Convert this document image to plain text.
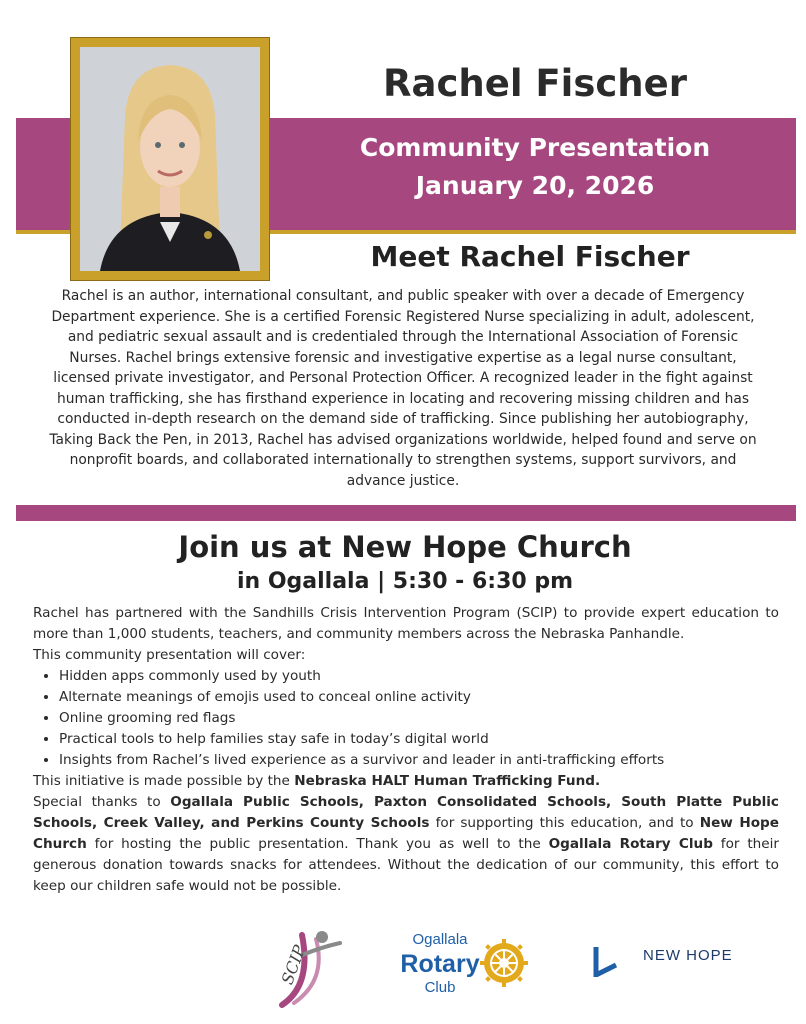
Rachel Fischer
Community Presentation
January 20, 2026
Meet Rachel Fischer
Rachel is an author, international consultant, and public speaker with over a decade of Emergency Department experience. She is a certified Forensic Registered Nurse specializing in adult, adolescent, and pediatric sexual assault and is credentialed through the International Association of Forensic Nurses. Rachel brings extensive forensic and investigative expertise as a legal nurse consultant, licensed private investigator, and Personal Protection Officer. A recognized leader in the fight against human trafficking, she has firsthand experience in locating and recovering missing children and has conducted in-depth research on the demand side of trafficking. Since publishing her autobiography, Taking Back the Pen, in 2013, Rachel has advised organizations worldwide, helped found and serve on nonprofit boards, and collaborated internationally to strengthen systems, support survivors, and advance justice.
Join us at New Hope Church
in Ogallala | 5:30 - 6:30 pm

Rachel has partnered with the Sandhills Crisis Intervention Program (SCIP) to provide expert education to more than 1,000 students, teachers, and community members across the Nebraska Panhandle.

This community presentation will cover:

• Hidden apps commonly used by youth
• Alternate meanings of emojis used to conceal online activity
• Online grooming red flags
• Practical tools to help families stay safe in today’s digital world
• Insights from Rachel’s lived experience as a survivor and leader in anti-trafficking efforts

This initiative is made possible by the Nebraska HALT Human Trafficking Fund.

Special thanks to Ogallala Public Schools, Paxton Consolidated Schools, South Platte Public Schools, Creek Valley, and Perkins County Schools for supporting this education, and to New Hope Church for hosting the public presentation. Thank you as well to the Ogallala Rotary Club for their generous donation towards snacks for attendees. Without the dedication of our community, this effort to keep our children safe would not be possible.

SCIP
Ogallala
Rotary
Club
NEW HOPE
